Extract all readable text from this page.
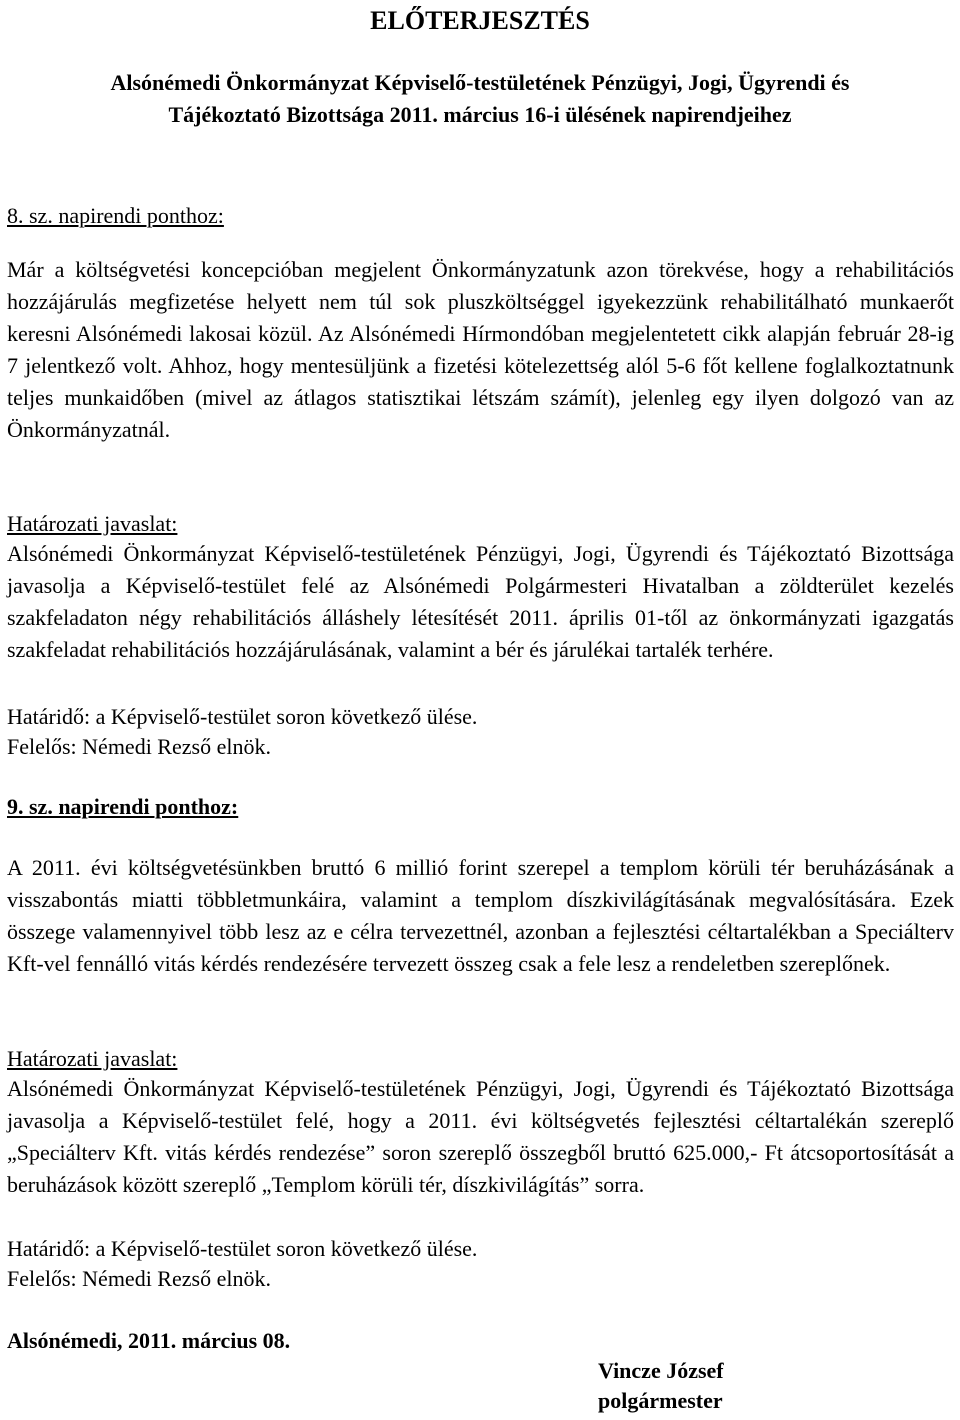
ELŐTERJESZTÉS
Alsónémedi Önkormányzat Képviselő-testületének Pénzügyi, Jogi, Ügyrendi és
Tájékoztató Bizottsága 2011. március 16-i ülésének napirendjeihez
8. sz. napirendi ponthoz:

Már a költségvetési koncepcióban megjelent Önkormányzatunk azon törekvése, hogy a rehabilitációs hozzájárulás megfizetése helyett nem túl sok pluszköltséggel igyekezzünk rehabilitálható munkaerőt keresni Alsónémedi lakosai közül. Az Alsónémedi Hírmondóban megjelentetett cikk alapján február 28-ig 7 jelentkező volt. Ahhoz, hogy mentesüljünk a fizetési kötelezettség alól 5-6 főt kellene foglalkoztatnunk teljes munkaidőben (mivel az átlagos statisztikai létszám számít), jelenleg egy ilyen dolgozó van az Önkormányzatnál.

Határozati javaslat:

Alsónémedi Önkormányzat Képviselő-testületének Pénzügyi, Jogi, Ügyrendi és Tájékoztató Bizottsága javasolja a Képviselő-testület felé az Alsónémedi Polgármesteri Hivatalban a zöldterület kezelés szakfeladaton négy rehabilitációs álláshely létesítését 2011. április 01-től az önkormányzati igazgatás szakfeladat rehabilitációs hozzájárulásának, valamint a bér és járulékai tartalék terhére.

Határidő: a Képviselő-testület soron következő ülése.
Felelős: Némedi Rezső elnök.
9. sz. napirendi ponthoz:

A 2011. évi költségvetésünkben bruttó 6 millió forint szerepel a templom körüli tér beruházásának a visszabontás miatti többletmunkáira, valamint a templom díszkivilágításának megvalósítására. Ezek összege valamennyivel több lesz az e célra tervezettnél, azonban a fejlesztési céltartalékban a Speciálterv Kft-vel fennálló vitás kérdés rendezésére tervezett összeg csak a fele lesz a rendeletben szereplőnek.

Határozati javaslat:

Alsónémedi Önkormányzat Képviselő-testületének Pénzügyi, Jogi, Ügyrendi és Tájékoztató Bizottsága javasolja a Képviselő-testület felé, hogy a 2011. évi költségvetés fejlesztési céltartalékán szereplő „Speciálterv Kft. vitás kérdés rendezése” soron szereplő összegből bruttó 625.000,- Ft átcsoportosítását a beruházások között szereplő „Templom körüli tér, díszkivilágítás” sorra.

Határidő: a Képviselő-testület soron következő ülése.
Felelős: Némedi Rezső elnök.
Alsónémedi, 2011. március 08.
Vincze József
polgármester
